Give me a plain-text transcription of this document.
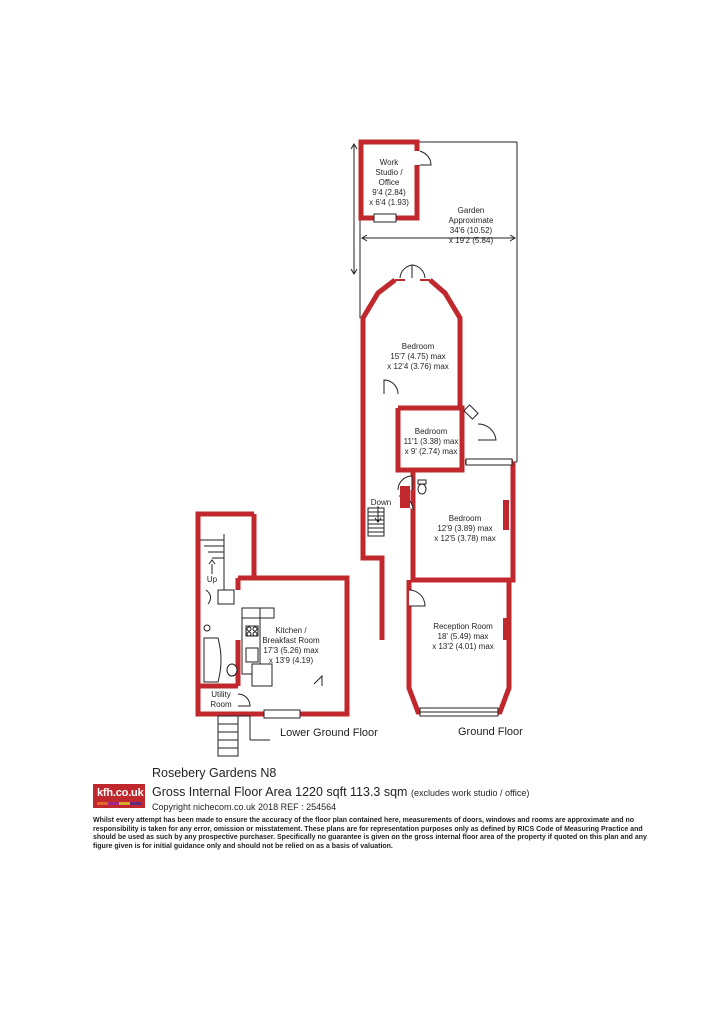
Work
Studio /
Office
9'4 (2.84)
x 6'4 (1.93)
Garden
Approximate
34'6 (10.52)
x 19'2 (5.84)
Bedroom
15'7 (4.75) max
x 12'4 (3.76) max
Bedroom
11'1 (3.38) max
x 9' (2.74) max
Bedroom
12'9 (3.89) max
x 12'5 (3.78) max
Reception Room
18' (5.49) max
x 13'2 (4.01) max
Kitchen /
Breakfast Room
17'3 (5.26) max
x 13'9 (4.19)
Utility
Room
Down
Up
Lower Ground Floor	Ground Floor
kfh.co.uk
Rosebery Gardens N8
Gross Internal Floor Area 1220 sqft 113.3 sqm (excludes work studio / office)
Copyright nichecom.co.uk 2018 REF : 254564
Whilst every attempt has been made to ensure the accuracy of the floor plan contained here, measurements of doors, windows and rooms are approximate and no responsibility is taken for any error, omission or misstatement. These plans are for representation purposes only as defined by RICS Code of Measuring Practice and should be used as such by any prospective purchaser. Specifically no guarantee is given on the gross internal floor area of the property if quoted on this plan and any figure given is for initial guidance only and should not be relied on as a basis of valuation.
